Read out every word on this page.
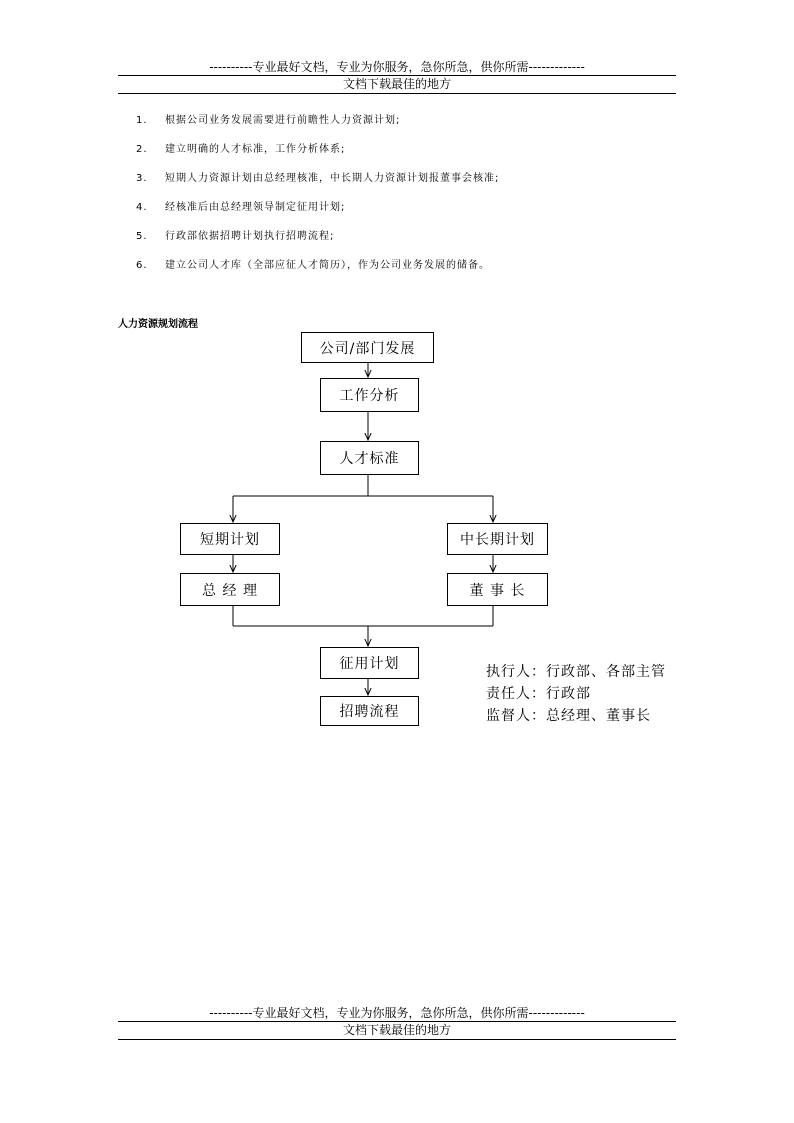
----------专业最好文档，专业为你服务，急你所急，供你所需-------------
文档下载最佳的地方
1.	根据公司业务发展需要进行前瞻性人力资源计划;
2.	建立明确的人才标准，工作分析体系;
3.	短期人力资源计划由总经理核准，中长期人力资源计划报董事会核准;
4.	经核准后由总经理领导制定征用计划;
5.	行政部依据招聘计划执行招聘流程;
6.	建立公司人才库（全部应征人才简历），作为公司业务发展的储备。
人力资源规划流程
公司/部门发展
工作分析
人才标准
短期计划	中长期计划
总 经 理	董 事 长
征用计划
招聘流程
执行人：行政部、各部主管
责任人：行政部
监督人：总经理、董事长
----------专业最好文档，专业为你服务，急你所急，供你所需-------------
文档下载最佳的地方
